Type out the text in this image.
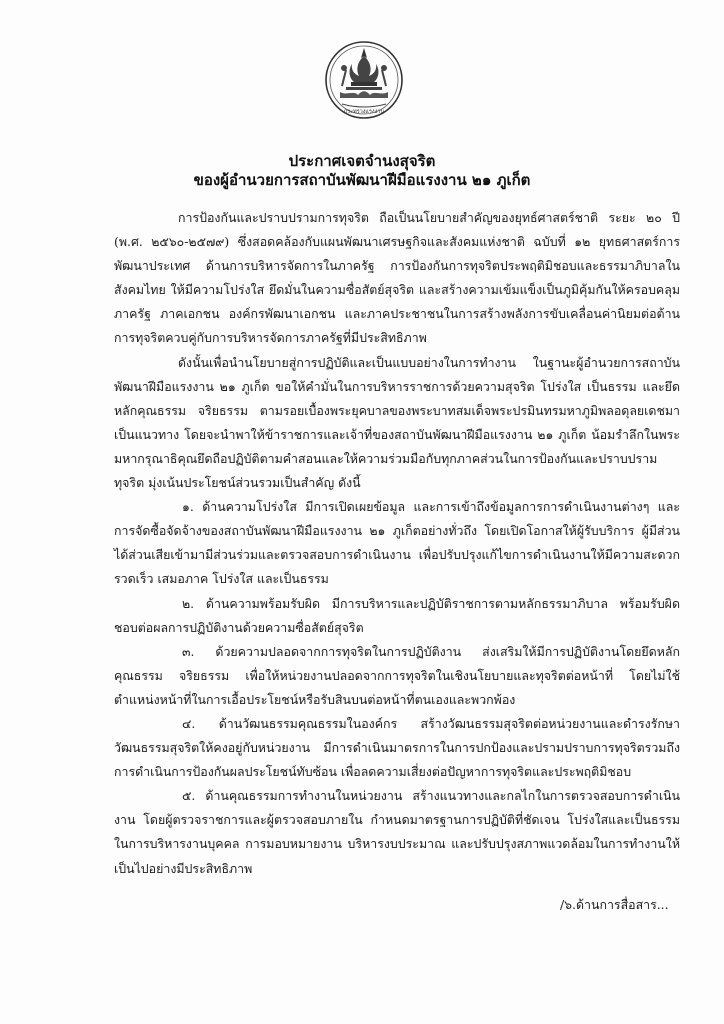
กระทรวงแรงงาน
ประกาศเจตจำนงสุจริต
ของผู้อำนวยการสถาบันพัฒนาฝีมือแรงงาน ๒๑ ภูเก็ต

การป้องกันและปราบปรามการทุจริต ถือเป็นนโยบายสำคัญของยุทธ์ศาสตร์ชาติ ระยะ ๒๐ ปี (พ.ศ. ๒๕๖๐-๒๕๗๙) ซึ่งสอดคล้องกับแผนพัฒนาเศรษฐกิจและสังคมแห่งชาติ ฉบับที่ ๑๒ ยุทธศาสตร์การพัฒนาประเทศ ด้านการบริหารจัดการในภาครัฐ การป้องกันการทุจริตประพฤติมิชอบและธรรมาภิบาลในสังคมไทย ให้มีความโปร่งใส ยึดมั่นในความซื่อสัตย์สุจริต และสร้างความเข้มแข็งเป็นภูมิคุ้มกันให้ครอบคลุมภาครัฐ ภาคเอกชน องค์กรพัฒนาเอกชน และภาคประชาชนในการสร้างพลังการขับเคลื่อนค่านิยมต่อต้านการทุจริตควบคู่กับการบริหารจัดการภาครัฐที่มีประสิทธิภาพ

ดังนั้นเพื่อนำนโยบายสู่การปฏิบัติและเป็นแบบอย่างในการทำงาน ในฐานะผู้อำนวยการสถาบันพัฒนาฝีมือแรงงาน ๒๑ ภูเก็ต ขอให้คำมั่นในการบริหารราชการด้วยความสุจริต โปร่งใส เป็นธรรม และยึดหลักคุณธรรม จริยธรรม ตามรอยเบื้องพระยุคบาลของพระบาทสมเด็จพระปรมินทรมหาภูมิพลอดุลยเดชมาเป็นแนวทาง โดยจะนำพาให้ข้าราชการและเจ้าที่ของสถาบันพัฒนาฝีมือแรงงาน ๒๑ ภูเก็ต น้อมรำลึกในพระมหากรุณาธิคุณยึดถือปฏิบัติตามคำสอนและให้ความร่วมมือกับทุกภาคส่วนในการป้องกันและปราบปรามทุจริต มุ่งเน้นประโยชน์ส่วนรวมเป็นสำคัญ ดังนี้

๑. ด้านความโปร่งใส มีการเปิดเผยข้อมูล และการเข้าถึงข้อมูลการการดำเนินงานต่างๆ และการจัดซื้อจัดจ้างของสถาบันพัฒนาฝีมือแรงงาน ๒๑ ภูเก็ตอย่างทั่วถึง โดยเปิดโอกาสให้ผู้รับบริการ ผู้มีส่วนได้ส่วนเสียเข้ามามีส่วนร่วมและตรวจสอบการดำเนินงาน เพื่อปรับปรุงแก้ไขการดำเนินงานให้มีความสะดวก รวดเร็ว เสมอภาค โปร่งใส และเป็นธรรม

๒. ด้านความพร้อมรับผิด มีการบริหารและปฏิบัติราชการตามหลักธรรมาภิบาล พร้อมรับผิดชอบต่อผลการปฏิบัติงานด้วยความซื่อสัตย์สุจริต

๓. ด้วยความปลอดจากการทุจริตในการปฏิบัติงาน ส่งเสริมให้มีการปฏิบัติงานโดยยึดหลักคุณธรรม จริยธรรม เพื่อให้หน่วยงานปลอดจากการทุจริตในเชิงนโยบายและทุจริตต่อหน้าที่ โดยไม่ใช้ตำแหน่งหน้าที่ในการเอื้อประโยชน์หรือรับสินบนต่อหน้าที่ตนเองและพวกพ้อง

๔. ด้านวัฒนธรรมคุณธรรมในองค์กร สร้างวัฒนธรรมสุจริตต่อหน่วยงานและดำรงรักษาวัฒนธรรมสุจริตให้คงอยู่กับหน่วยงาน มีการดำเนินมาตรการในการปกป้องและปรามปราบการทุจริตรวมถึงการดำเนินการป้องกันผลประโยชน์ทับซ้อน เพื่อลดความเสี่ยงต่อปัญหาการทุจริตและประพฤติมิชอบ

๕. ด้านคุณธรรมการทำงานในหน่วยงาน สร้างแนวทางและกลไกในการตรวจสอบการดำเนินงาน โดยผู้ตรวจราชการและผู้ตรวจสอบภายใน กำหนดมาตรฐานการปฏิบัติที่ชัดเจน โปร่งใสและเป็นธรรมในการบริหารงานบุคคล การมอบหมายงาน บริหารงบประมาณ และปรับปรุงสภาพแวดล้อมในการทำงานให้เป็นไปอย่างมีประสิทธิภาพ

/๖.ด้านการสื่อสาร...
